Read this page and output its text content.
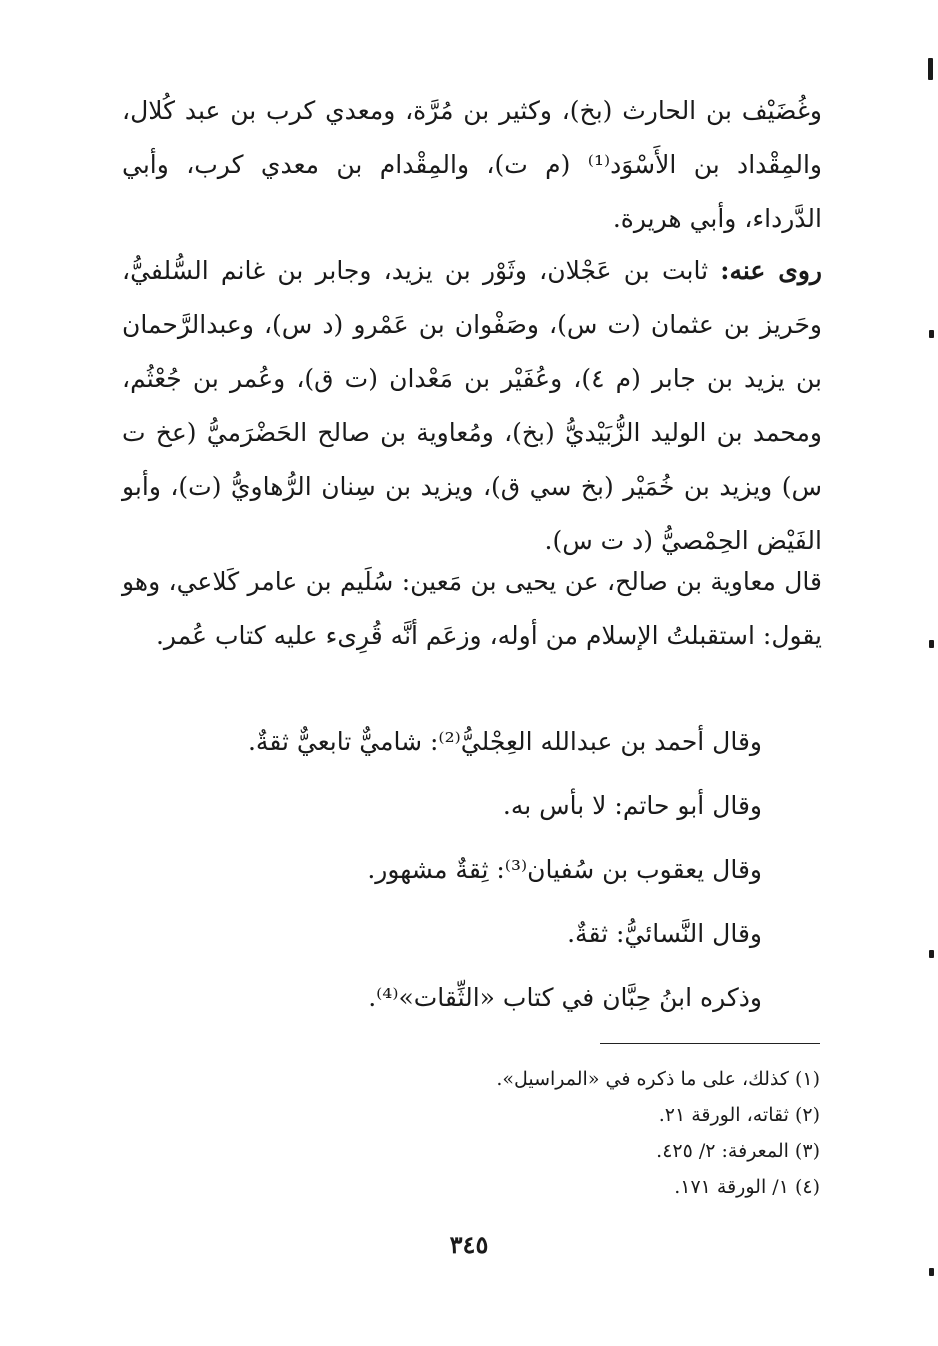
وغُضَيْف بن الحارث (بخ)، وكثير بن مُرَّة، ومعدي كرب بن عبد كُلال، والمِقْداد بن الأَسْوَد⁽¹⁾ (م ت)، والمِقْدام بن معدي كرب، وأبي الدَّرداء، وأبي هريرة.

روى عنه: ثابت بن عَجْلان، وثَوْر بن يزيد، وجابر بن غانم السُّلفيُّ، وحَريز بن عثمان (ت س)، وصَفْوان بن عَمْرو (د س)، وعبدالرَّحمان بن يزيد بن جابر (م ٤)، وعُفَيْر بن مَعْدان (ت ق)، وعُمر بن جُعْثُم، ومحمد بن الوليد الزُّبَيْديُّ (بخ)، ومُعاوية بن صالح الحَضْرَميُّ (عخ ت س) ويزيد بن خُمَيْر (بخ سي ق)، ويزيد بن سِنان الرُّهاويُّ (ت)، وأبو الفَيْض الحِمْصيُّ (د ت س).

قال معاوية بن صالح، عن يحيى بن مَعين: سُلَيم بن عامر كَلاعي، وهو يقول: استقبلتُ الإسلام من أوله، وزعَم أنَّه قُرِىء عليه كتاب عُمر.

وقال أحمد بن عبدالله العِجْليُّ⁽²⁾: شاميٌّ تابعيٌّ ثقةٌ.
وقال أبو حاتم: لا بأس به.
وقال يعقوب بن سُفيان⁽³⁾: ثِقةٌ مشهور.
وقال النَّسائيُّ: ثقةٌ.
وذكره ابنُ حِبَّان في كتاب «الثِّقات»⁽⁴⁾.
(١) كذلك، على ما ذكره في «المراسيل».
(٢) ثقاته، الورقة ٢١.
(٣) المعرفة: ٢/ ٤٢٥.
(٤) ١/ الورقة ١٧١.
٣٤٥
